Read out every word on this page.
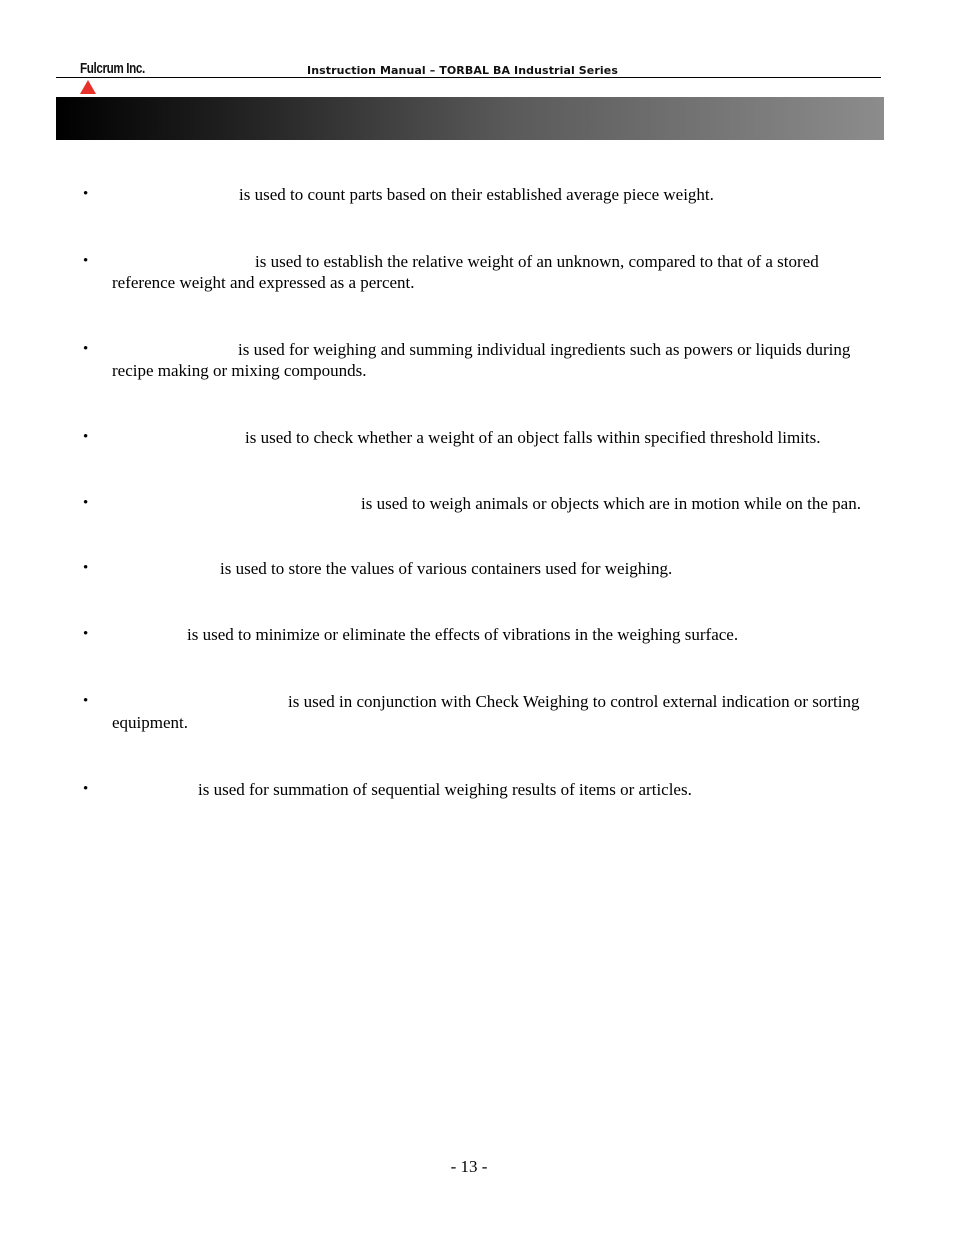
Fulcrum Inc.	Instruction Manual – TORBAL BA Industrial Series
•	is used to count parts based on their established average piece weight.
•	is used to establish the relative weight of an unknown, compared to that of a stored reference weight and expressed as a percent.
•	is used for weighing and summing individual ingredients such as powers or liquids during recipe making or mixing compounds.
•	is used to check whether a weight of an object falls within specified threshold limits.
•	is used to weigh animals or objects which are in motion while on the pan.
•	is used to store the values of various containers used for weighing.
•	is used to minimize or eliminate the effects of vibrations in the weighing surface.
•	is used in conjunction with Check Weighing to control external indication or sorting equipment.
•	is used for summation of sequential weighing results of items or articles.
- 13 -
